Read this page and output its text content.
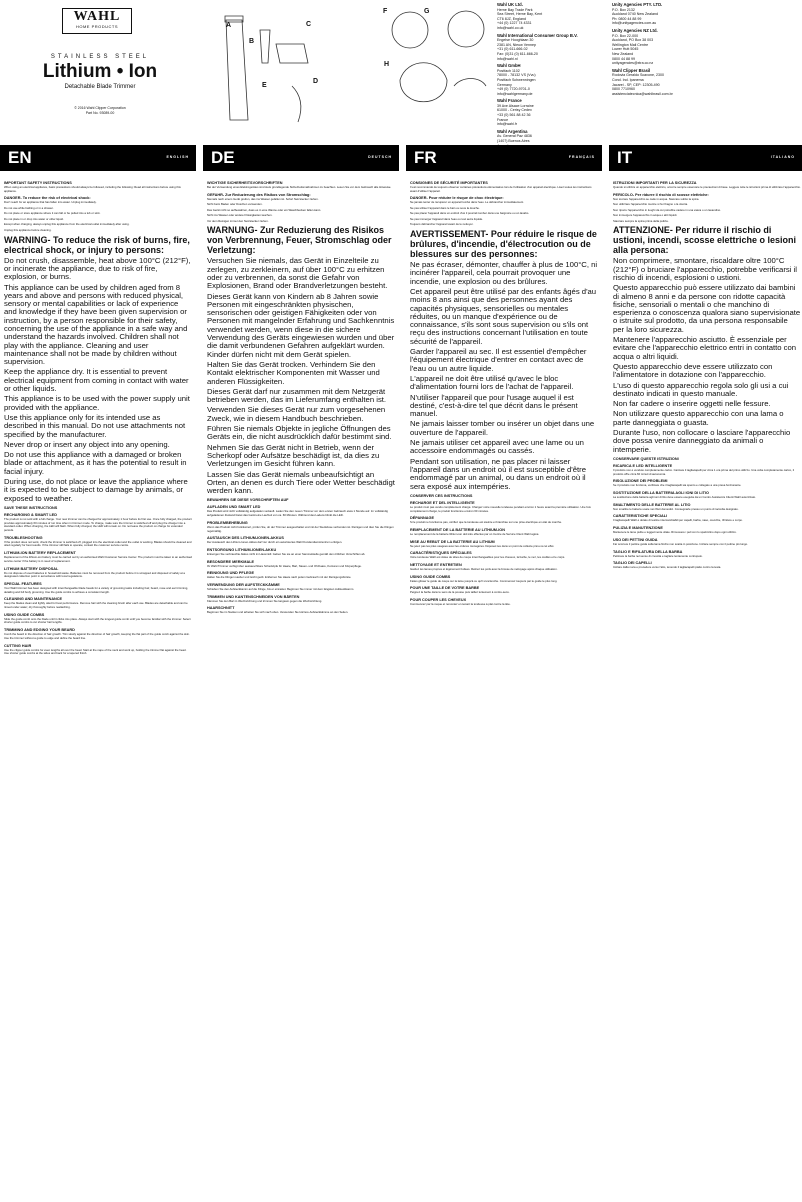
WAHL
HOME PRODUCTS
STAINLESS STEEL
Lithium • Ion
Detachable Blade Trimmer
© 2016 Wahl Clipper Corporation
Part No. 93089-00
A
B
C
D
E
F	G
H
Wahl UK Ltd.
Herne Bay Trade Park
Sea Street, Herne Bay, Kent
CT6 8JZ, England
+44 (0) 1227 74 4331
info@wahl.co.uk
Wahl International Consumer Group B.V.
Engelse Hooghlaan 30
2381 AN, Nieuw Vennep
+31 (0) 611-666-02
Fax: (0)31 (0) 611-666-20
info@wahl.nl
Wahl GmbH
Postfach 1102
78000 - 78132 VS (Vvu)
Postfach Schwenningen
Germany
+49 (0) 7720-9701-0
info@wahlgermany.de
Wahl France
39 Ave Alsace Lorraine
61000 - Cerisy Cedex
+33 (0) 561 88 42 36
France
info@wahl.fr
Wahl Argentina
Av. General Paz 4836
(1407) Buenos Aires
Unity Agencies PTY. LTD.
P.O. Box 2132
Auckland 0740 New Zealand
Ph: 0800 44 88 99
info@unityagencies.com.au
Unity Agencies NZ Ltd.
P.O. Box 22-000
Auckland, PO Box 38 003
Wellington Mail Centre
Lower Hutt 5045
New Zealand
0800 44 88 99
unityagencies@xtra.co.nz
Wahl Clipper Brasil
Rodovia Geraldo Scavone, 2300
Cond. Ind. Ipanema
Jacarei - SP, CEP: 12305-490
0800 7710960
assistenciatecnica@wahlbrasil.com.br
EN	ENGLISH DE	DEUTSCH FR	FRANÇAIS IT	ITALIANO
IMPORTANT SAFETY INSTRUCTIONS
When using an electrical appliance, basic precautions should always be followed, including the following: Read all instructions before using this appliance.
DANGER- To reduce the risk of electrical shock:
Don't reach for an appliance that has fallen into water. Unplug immediately.
Do not use while bathing or in a shower.
Do not place or store appliance where it can fall or be pulled into a tub or sink.
Do not place in or drop into water or other liquid.
Except when charging, always unplug this appliance from the electrical outlet immediately after using.
Unplug this appliance before cleaning.
WARNING- To reduce the risk of burns, fire, electrical shock, or injury to persons:
Do not crush, disassemble, heat above 100°C (212°F), or incinerate the appliance, due to risk of fire, explosion, or burns.
This appliance can be used by children aged from 8 years and above and persons with reduced physical, sensory or mental capabilities or lack of experience and knowledge if they have been given supervision or instruction, by a person responsible for their safety, concerning the use of the appliance in a safe way and understand the hazards involved. Children shall not play with the appliance. Cleaning and user maintenance shall not be made by children without supervision.
Keep the appliance dry. It is essential to prevent electrical equipment from coming in contact with water or other liquids.
This appliance is to be used with the power supply unit provided with the appliance.
Use this appliance only for its intended use as described in this manual. Do not use attachments not specified by the manufacturer.
Never drop or insert any object into any opening.
Do not use this appliance with a damaged or broken blade or attachment, as it has the potential to result in facial injury.
During use, do not place or leave the appliance where it is expected to be subject to damage by animals, or exposed to weather.
SAVE THESE INSTRUCTIONS
RECHARGING & SMART LED
The product is not sold with a full charge. Your new trimmer can be charged for approximately 1 hour before its first use. Once fully charged, the product provides approximately 60 minutes of run time when in trimmer mode. To charge, make sure the trimmer is switched off and plug the charger into a standard outlet. When charging, the LED will flash. When fully charged, the LED will remain on. Do not leave the product on charge for extended periods.
TROUBLESHOOTING
If the product does not work, check the trimmer is switched off, plugged into the electrical outlet and the outlet is working. Blades should be cleaned and oiled regularly for best results. If the trimmer still fails to operate, contact the customer service centre.
LITHIUM-ION BATTERY REPLACEMENT
Replacement of the lithium-ion battery must be carried out by an authorised Wahl Customer Service Center. The product must be taken to an authorised service center if the battery is in need of replacement.
LITHIUM BATTERY DISPOSAL
Do not dispose of used batteries in household waste. Batteries must be removed from the product before it is scrapped and disposed of safely at a designated collection point in accordance with local regulations.
SPECIAL FEATURES
Your Wahl trimmer has been designed with interchangeable blade heads for a variety of grooming tasks including hair, beard, nose and ear trimming, detailing and full body grooming. Use the guide combs to achieve a consistent length.
CLEANING AND MAINTENANCE
Keep the blades clean and lightly oiled for best performance. Remove hair with the cleaning brush after each use. Blades are detachable and can be rinsed under water; dry thoroughly before reattaching.
USING GUIDE COMBS
Slide the guide comb onto the blade until it clicks into place. Always start with the longest guide comb until you become familiar with the trimmer. Select shorter guide combs to cut shorter hair lengths.
TRIMMING AND EDGING YOUR BEARD
Comb the beard in the direction of hair growth. Trim slowly against the direction of hair growth, keeping the flat part of the guide comb against the skin. Use the trimmer without a guide to edge and define the beard line.
CUTTING HAIR
Use the clipper guide combs for even lengths all over the head. Start at the nape of the neck and work up, holding the trimmer flat against the head. Use shorter guide combs at the sides and back for a tapered finish.
WICHTIGE SICHERHEITSVORSCHRIFTEN
Bei der Verwendung eines Elektrogerätes sind stets grundlegende Sicherheitsmaßnahmen zu beachten. Lesen Sie vor dem Gebrauch alle Hinweise.
GEFAHR- Zur Reduzierung des Risikos von Stromschlag:
Niemals nach einem Gerät greifen, das ins Wasser gefallen ist. Sofort Netzstecker ziehen.
Nicht beim Baden oder Duschen verwenden.
Das Gerät nicht so aufbewahren, dass es in eine Wanne oder ein Waschbecken fallen kann.
Nicht ins Wasser oder andere Flüssigkeiten tauchen.
Vor dem Reinigen immer den Netzstecker ziehen.
WARNUNG- Zur Reduzierung des Risikos von Verbrennung, Feuer, Stromschlag oder Verletzung:
Versuchen Sie niemals, das Gerät in Einzelteile zu zerlegen, zu zerkleinern, auf über 100°C zu erhitzen oder zu verbrennen, da sonst die Gefahr von Explosionen, Brand oder Brandverletzungen besteht.
Dieses Gerät kann von Kindern ab 8 Jahren sowie Personen mit eingeschränkten physischen, sensorischen oder geistigen Fähigkeiten oder von Personen mit mangelnder Erfahrung und Sachkenntnis verwendet werden, wenn diese in die sichere Verwendung des Geräts eingewiesen wurden und über die damit verbundenen Gefahren aufgeklärt wurden. Kinder dürfen nicht mit dem Gerät spielen.
Halten Sie das Gerät trocken. Verhindern Sie den Kontakt elektrischer Komponenten mit Wasser und anderen Flüssigkeiten.
Dieses Gerät darf nur zusammen mit dem Netzgerät betrieben werden, das im Lieferumfang enthalten ist.
Verwenden Sie dieses Gerät nur zum vorgesehenen Zweck, wie in diesem Handbuch beschrieben.
Führen Sie niemals Objekte in jegliche Öffnungen des Geräts ein, die nicht ausdrücklich dafür bestimmt sind.
Nehmen Sie das Gerät nicht in Betrieb, wenn der Scherkopf oder Aufsätze beschädigt ist, da dies zu Verletzungen im Gesicht führen kann.
Lassen Sie das Gerät niemals unbeaufsichtigt an Orten, an denen es durch Tiere oder Wetter beschädigt werden kann.
BEWAHREN SIE DIESE VORSCHRIFTEN AUF
AUFLADEN UND SMART LED
Das Produkt wird nicht vollständig aufgeladen verkauft. Laden Sie den neuen Trimmer vor dem ersten Gebrauch etwa 1 Stunde auf. Im vollständig aufgeladenen Zustand bietet das Gerät eine Laufzeit von ca. 60 Minuten. Während des Ladens blinkt die LED.
PROBLEMBEHEBUNG
Wenn das Produkt nicht funktioniert, prüfen Sie, ob der Trimmer ausgeschaltet und mit der Steckdose verbunden ist. Reinigen und ölen Sie die Klingen regelmäßig.
AUSTAUSCH DES LITHIUM-IONEN-AKKUS
Der Austausch des Lithium-Ionen-Akkus darf nur durch ein autorisiertes Wahl Kundendienstzentrum erfolgen.
ENTSORGUNG LITHIUM-IONEN-AKKU
Entsorgen Sie verbrauchte Akkus nicht im Hausmüll. Geben Sie sie an einer Sammelstelle gemäß den örtlichen Vorschriften ab.
BESONDERE MERKMALE
Ihr Wahl Trimmer verfügt über austauschbare Scherköpfe für Haare, Bart, Nasen- und Ohrhaare, Konturen und Körperpflege.
REINIGUNG UND PFLEGE
Halten Sie die Klingen sauber und leicht geölt. Entfernen Sie Haare nach jedem Gebrauch mit der Reinigungsbürste.
VERWENDUNG DER AUFSTECKKÄMME
Schieben Sie den Aufsteckkamm auf die Klinge, bis er einrastet. Beginnen Sie immer mit dem längsten Aufsteckkamm.
TRIMMEN UND KANTENSCHNEIDEN VON BÄRTEN
Kämmen Sie den Bart in Wuchsrichtung und trimmen Sie langsam gegen die Wuchsrichtung.
HAARSCHNITT
Beginnen Sie im Nacken und arbeiten Sie sich nach oben. Verwenden Sie kürzere Aufsteckkämme an den Seiten.
CONSIGNES DE SÉCURITÉ IMPORTANTES
Il est recommandé de toujours observer certaines précautions élémentaires lors de l'utilisation d'un appareil électrique. Lisez toutes les instructions avant d'utiliser l'appareil.
DANGER- Pour réduire le risque de choc électrique:
Ne jamais tenter de récupérer un appareil tombé dans l'eau. Le débrancher immédiatement.
Ne pas utiliser l'appareil dans le bain ou sous la douche.
Ne pas placer l'appareil dans un endroit d'où il pourrait tomber dans une baignoire ou un lavabo.
Ne pas immerger l'appareil dans l'eau ou tout autre liquide.
Toujours débrancher l'appareil avant de le nettoyer.
AVERTISSEMENT- Pour réduire le risque de brûlures, d'incendie, d'électrocution ou de blessures sur des personnes:
Ne pas écraser, démonter, chauffer à plus de 100°C, ni incinérer l'appareil, cela pourrait provoquer une incendie, une explosion ou des brûlures.
Cet appareil peut être utilisé par des enfants âgés d'au moins 8 ans ainsi que des personnes ayant des capacités physiques, sensorielles ou mentales réduites, ou un manque d'expérience ou de connaissance, s'ils sont sous supervision ou s'ils ont reçu des instructions concernant l'utilisation en toute sécurité de l'appareil.
Garder l'appareil au sec. Il est essentiel d'empêcher l'équipement électrique d'entrer en contact avec de l'eau ou un autre liquide.
L'appareil ne doit être utilisé qu'avec le bloc d'alimentation fourni lors de l'achat de l'appareil.
N'utiliser l'appareil que pour l'usage auquel il est destiné, c'est-à-dire tel que décrit dans le présent manuel.
Ne jamais laisser tomber ou insérer un objet dans une ouverture de l'appareil.
Ne jamais utiliser cet appareil avec une lame ou un accessoire endommagés ou cassés.
Pendant son utilisation, ne pas placer ni laisser l'appareil dans un endroit où il est susceptible d'être endommagé par un animal, ou dans un endroit où il sera exposé aux intempéries.
CONSERVER CES INSTRUCTIONS
RECHARGE ET DEL INTELLIGENTE
Le produit n'est pas vendu complètement chargé. Chargez votre nouvelle tondeuse pendant environ 1 heure avant la première utilisation. Une fois complètement chargé, le produit fonctionne environ 60 minutes.
DÉPANNAGE
Si le produit ne fonctionne pas, vérifiez que la tondeuse est éteinte et branchée sur une prise électrique en état de marche.
REMPLACEMENT DE LA BATTERIE AU LITHIUM-ION
Le remplacement de la batterie lithium-ion doit être effectué par un Centre de Service Client Wahl agréé.
MISE AU REBUT DE LA BATTERIE AU LITHIUM
Ne jetez pas les piles usagées avec les ordures ménagères. Déposez-les dans un point de collecte prévu à cet effet.
CARACTÉRISTIQUES SPÉCIALES
Votre tondeuse Wahl est dotée de têtes de coupe interchangeables pour les cheveux, la barbe, le nez, les oreilles et le corps.
NETTOYAGE ET ENTRETIEN
Gardez les lames propres et légèrement huilées. Retirez les poils avec la brosse de nettoyage après chaque utilisation.
USING GUIDE COMBS
Faites glisser le guide de coupe sur la lame jusqu'à ce qu'il s'enclenche. Commencez toujours par le guide le plus long.
POUR UNE TAILLE DE VOTRE BARBE
Peignez la barbe dans le sens de la pousse puis taillez lentement à contre-sens.
POUR COUPER LES CHEVEUX
Commencez par la nuque et remontez en tenant la tondeuse à plat contre la tête.
ISTRUZIONI IMPORTANTI PER LA SICUREZZA
Quando si utilizza un apparecchio elettrico, occorre sempre osservare le precauzioni di base. Leggere tutte le istruzioni prima di utilizzare l'apparecchio.
PERICOLO- Per ridurre il rischio di scosse elettriche:
Non toccare l'apparecchio se cade in acqua. Staccare subito la spina.
Non utilizzare l'apparecchio mentre si fa il bagno o la doccia.
Non riporre l'apparecchio in luoghi da cui potrebbe cadere in una vasca o un lavandino.
Non immergere l'apparecchio in acqua o altri liquidi.
Staccare sempre la spina prima della pulizia.
ATTENZIONE- Per ridurre il rischio di ustioni, incendi, scosse elettriche o lesioni alla persona:
Non comprimere, smontare, riscaldare oltre 100°C (212°F) o bruciare l'apparecchio, potrebbe verificarsi il rischio di incendi, esplosioni o ustioni.
Questo apparecchio può essere utilizzato dai bambini di almeno 8 anni e da persone con ridotte capacità fisiche, sensoriali o mentali o che manchino di esperienza o conoscenza qualora siano supervisionate o istruite sul prodotto, da una persona responsabile per la loro sicurezza.
Mantenere l'apparecchio asciutto. È essenziale per evitare che l'apparecchio elettrico entri in contatto con acqua o altri liquidi.
Questo apparecchio deve essere utilizzato con l'alimentatore in dotazione con l'apparecchio.
L'uso di questo apparecchio regola solo gli usi a cui destinato indicati in questo manuale.
Non far cadere o inserire oggetti nelle fessure.
Non utilizzare questo apparecchio con una lama o parte danneggiata o guasta.
Durante l'uso, non collocare o lasciare l'apparecchio dove possa venire danneggiato da animali o intemperie.
CONSERVARE QUESTE ISTRUZIONI
RICARICA E LED INTELLIGENTE
Il prodotto non è venduto completamente carico. Caricare il tagliacapelli per circa 1 ora prima del primo utilizzo. Una volta completamente carico, il prodotto offre circa 60 minuti di autonomia.
RISOLUZIONE DEI PROBLEMI
Se il prodotto non funziona, verificare che il tagliacapelli sia spento e collegato a una presa funzionante.
SOSTITUZIONE DELLA BATTERIA AGLI IONI DI LITIO
La sostituzione della batteria agli ioni di litio deve essere eseguita da un Centro Assistenza Clienti Wahl autorizzato.
SMALTIMENTO DELLE BATTERIE AL LITIO
Non smaltire le batterie usate nei rifiuti domestici. Consegnarle presso un punto di raccolta designato.
CARATTERISTICHE SPECIALI
Il tagliacapelli Wahl è dotato di testine intercambiabili per capelli, barba, naso, orecchie, rifiniture e corpo.
PULIZIA E MANUTENZIONE
Mantenere le lame pulite e leggermente oliate. Rimuovere i peli con lo spazzolino dopo ogni utilizzo.
USO DEI PETTINI GUIDA
Far scorrere il pettine guida sulla lama finché non scatta in posizione. Iniziare sempre con il pettine più lungo.
TAGLIO E RIFILATURA DELLA BARBA
Pettinare la barba nel senso di crescita e tagliare lentamente contropelo.
TAGLIO DEI CAPELLI
Iniziare dalla nuca e procedere verso l'alto, tenendo il tagliacapelli piatto contro la testa.
